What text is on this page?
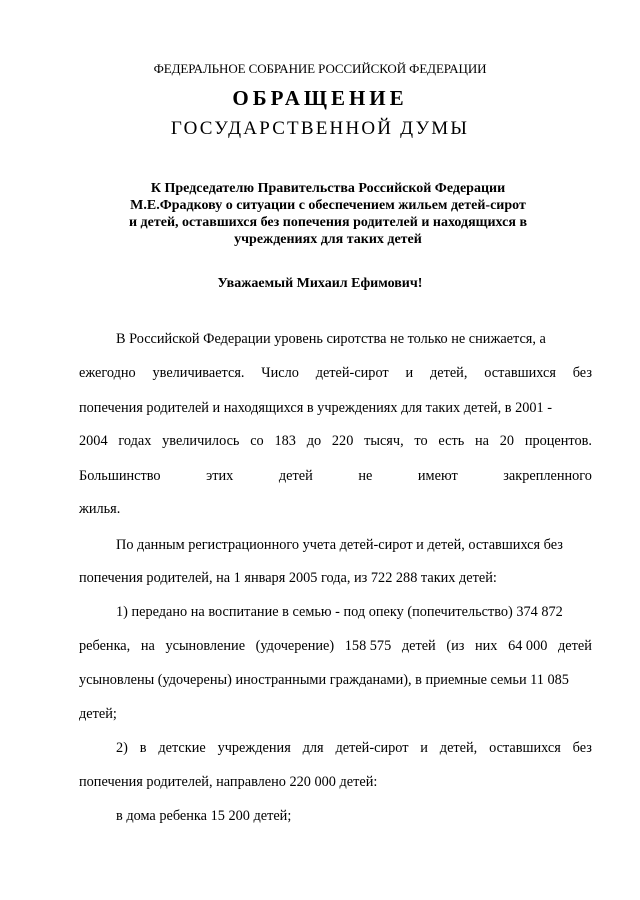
ФЕДЕРАЛЬНОЕ СОБРАНИЕ РОССИЙСКОЙ ФЕДЕРАЦИИ
ОБРАЩЕНИЕ
ГОСУДАРСТВЕННОЙ ДУМЫ
К Председателю Правительства Российской Федерации
М.Е.Фрадкову о ситуации с обеспечением жильем детей-сирот
и детей, оставшихся без попечения родителей и находящихся в
учреждениях для таких детей
Уважаемый Михаил Ефимович!
В Российской Федерации уровень сиротства не только не снижается, а
ежегодно увеличивается. Число детей-сирот и детей, оставшихся без
попечения родителей и находящихся в учреждениях для таких детей, в 2001 -
2004 годах увеличилось со 183 до 220 тысяч, то есть на 20 процентов.
Большинство	этих	детей	не	имеют	закрепленного
жилья.
По данным регистрационного учета детей-сирот и детей, оставшихся без
попечения родителей, на 1 января 2005 года, из 722 288 таких детей:
1) передано на воспитание в семью - под опеку (попечительство) 374 872
ребенка, на усыновление (удочерение) 158 575 детей (из них 64 000 детей
усыновлены (удочерены) иностранными гражданами), в приемные семьи 11 085
детей;
2) в детские учреждения для детей-сирот и детей, оставшихся без
попечения родителей, направлено 220 000 детей:
в дома ребенка 15 200 детей;
